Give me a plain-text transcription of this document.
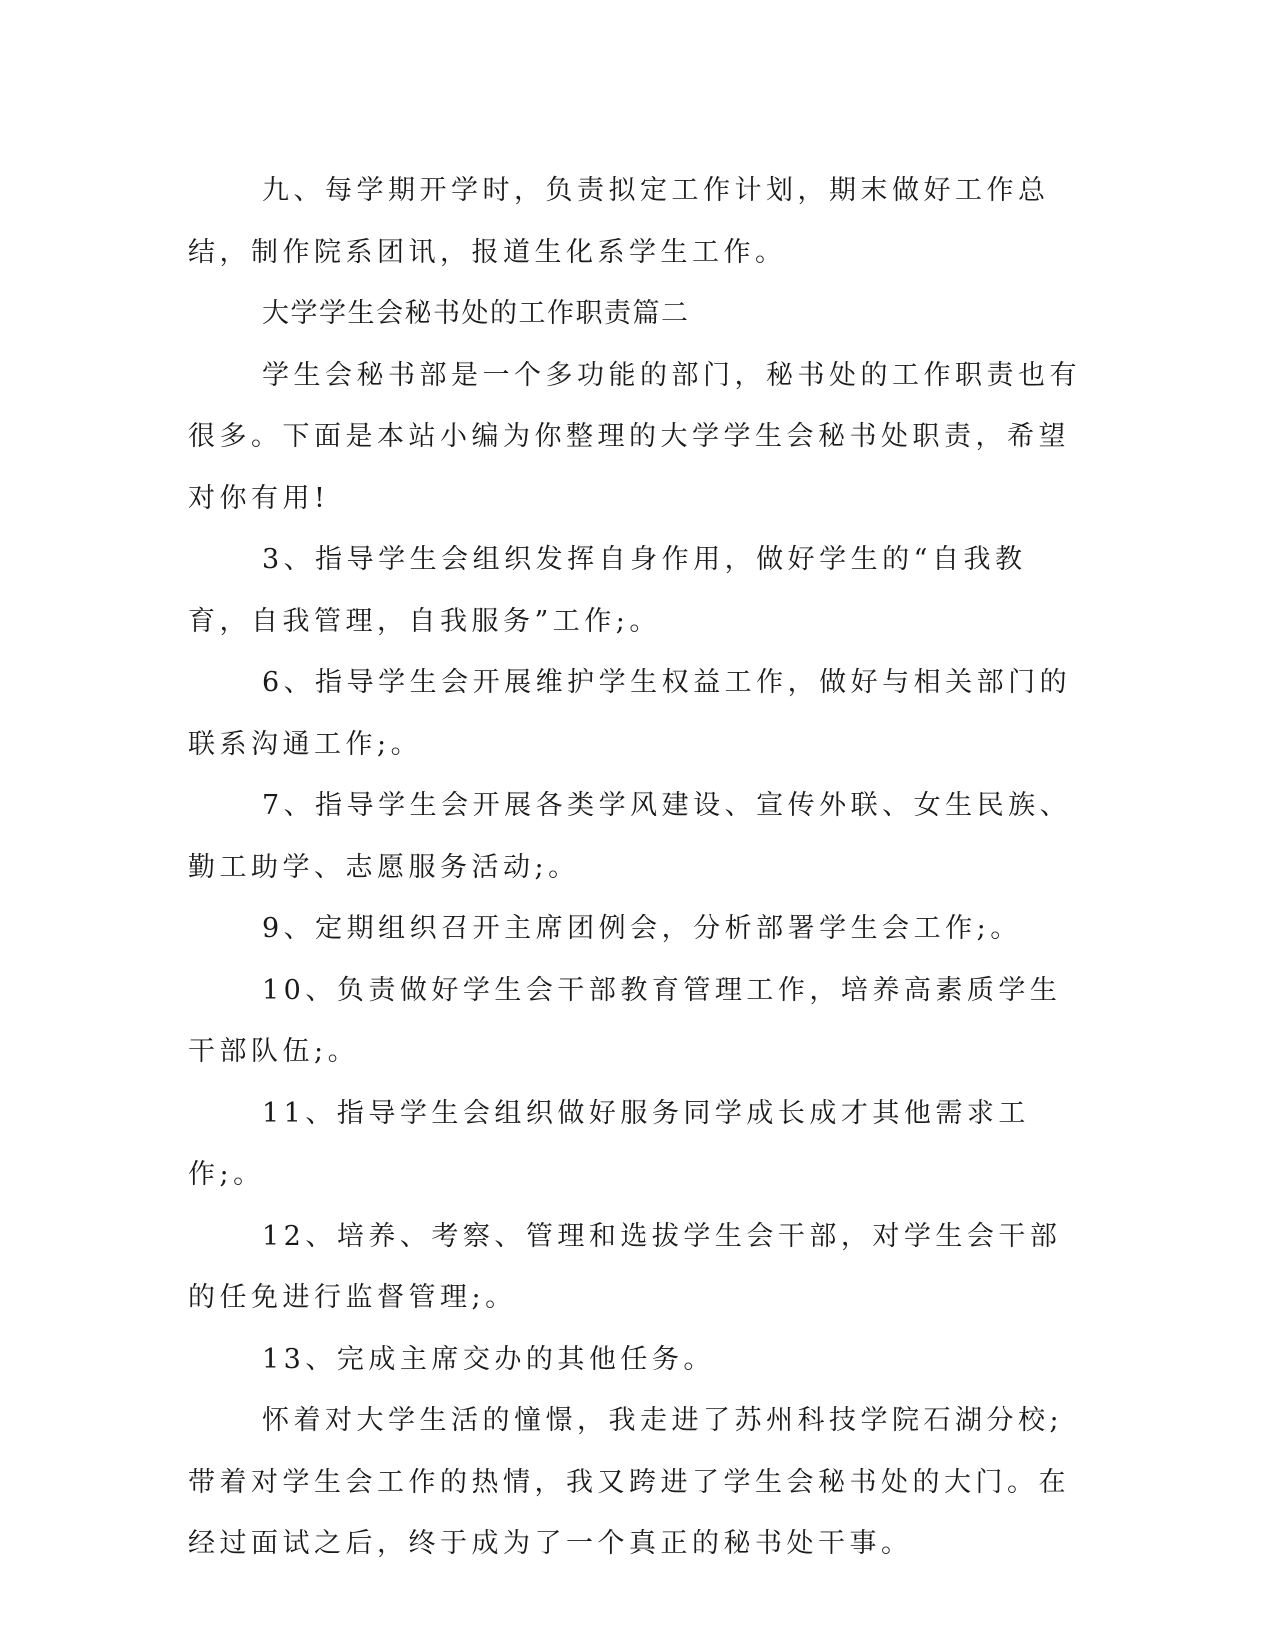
九、每学期开学时，负责拟定工作计划，期末做好工作总结，制作院系团讯，报道生化系学生工作。

大学学生会秘书处的工作职责篇二

学生会秘书部是一个多功能的部门，秘书处的工作职责也有很多。下面是本站小编为你整理的大学学生会秘书处职责，希望对你有用!

3、指导学生会组织发挥自身作用，做好学生的“自我教育，自我管理，自我服务”工作;。

6、指导学生会开展维护学生权益工作，做好与相关部门的联系沟通工作;。

7、指导学生会开展各类学风建设、宣传外联、女生民族、勤工助学、志愿服务活动;。

9、定期组织召开主席团例会，分析部署学生会工作;。

10、负责做好学生会干部教育管理工作，培养高素质学生干部队伍;。

11、指导学生会组织做好服务同学成长成才其他需求工作;。

12、培养、考察、管理和选拔学生会干部，对学生会干部的任免进行监督管理;。

13、完成主席交办的其他任务。

怀着对大学生活的憧憬，我走进了苏州科技学院石湖分校;带着对学生会工作的热情，我又跨进了学生会秘书处的大门。在经过面试之后，终于成为了一个真正的秘书处干事。
